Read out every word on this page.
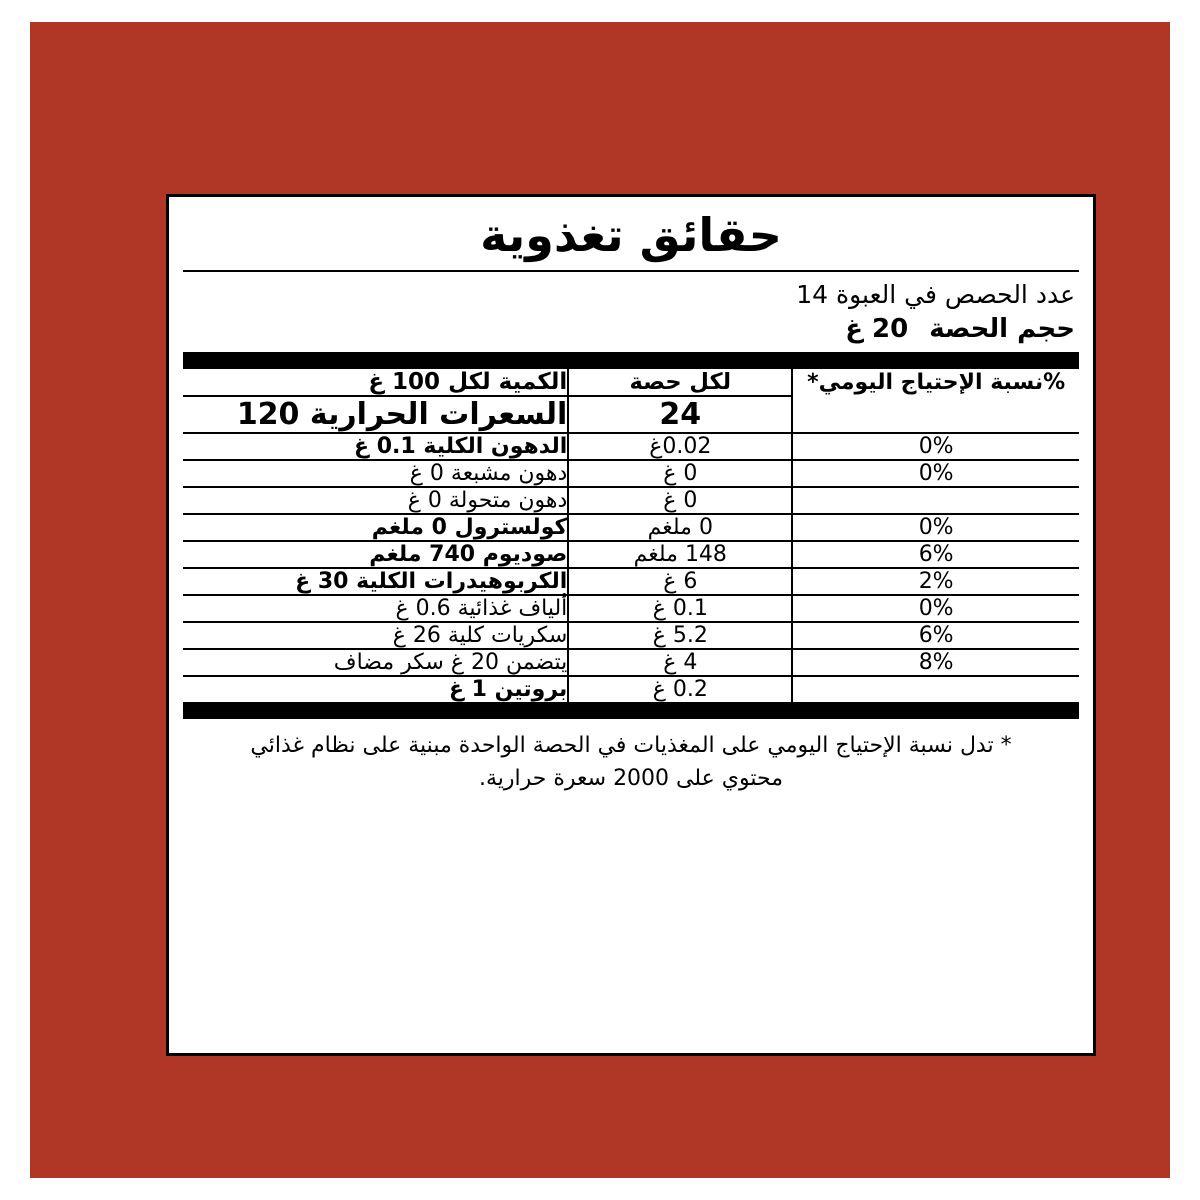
حقائق تغذوية
عدد الحصص في العبوة 14
حجم الحصة 20 غ
%نسبة الإحتياج اليومي*	لكل حصة	الكمية لكل 100 غ
	24	السعرات الحرارية 120
0%	0.02غ	الدهون الكلية 0.1 غ
0%	0 غ	دهون مشبعة 0 غ
	0 غ	دهون متحولة 0 غ
0%	0 ملغم	كولسترول 0 ملغم
6%	148 ملغم	صوديوم 740 ملغم
2%	6 غ	الكربوهيدرات الكلية 30 غ
0%	0.1 غ	ألياف غذائية 0.6 غ
6%	5.2 غ	سكريات كلية 26 غ
8%	4 غ	يتضمن 20 غ سكر مضاف
	0.2 غ	بروتين 1 غ
* تدل نسبة الإحتياج اليومي على المغذيات في الحصة الواحدة مبنية على نظام غذائي
محتوي على 2000 سعرة حرارية.
